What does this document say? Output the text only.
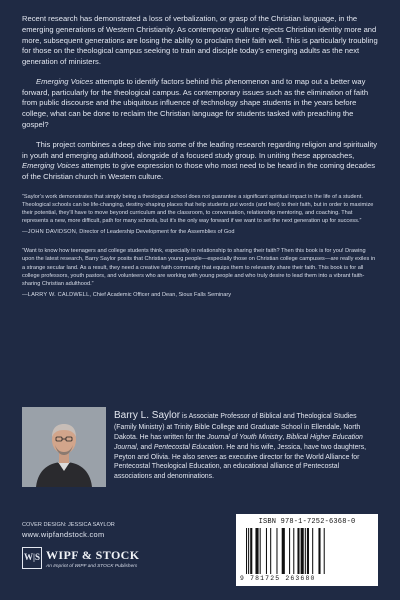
Recent research has demonstrated a loss of verbalization, or grasp of the Christian language, in the emerging generations of Western Christianity. As contemporary culture rejects Christian identity more and more, subsequent generations are losing the ability to proclaim their faith well. This is particularly troubling for those on the theological campus seeking to train and disciple today’s emerging adults as the next generation of ministers.

Emerging Voices attempts to identify factors behind this phenomenon and to map out a better way forward, particularly for the theological campus. As contemporary issues such as the elimination of faith from public discourse and the ubiquitous influence of technology shape students in the years before college, what can be done to reclaim the Christian language for students tasked with preaching the gospel?

This project combines a deep dive into some of the leading research regarding religion and spirituality in youth and emerging adulthood, alongside of a focused study group. In uniting these approaches, Emerging Voices attempts to give expression to those who most need to be heard in the coming decades of the Christian church in Western culture.

“Saylor’s work demonstrates that simply being a theological school does not guarantee a significant spiritual impact in the life of a student. Theological schools can be life-changing, destiny-shaping places that help students put words (and feet) to their faith, but in order to maximize their potential, they’ll have to move beyond curriculum and the classroom, to conversation, relationship mentoring, and coaching. That represents a new, more difficult, path for many schools, but it’s the only way forward if we want to set the next generation up for success.”

—JOHN DAVIDSON, Director of Leadership Development for the Assemblies of God

“Want to know how teenagers and college students think, especially in relationship to sharing their faith? Then this book is for you! Drawing upon the latest research, Barry Saylor posits that Christian young people—especially those on Christian college campuses—are really exiles in a strange secular land. As a result, they need a creative faith community that equips them to relevantly share their faith. This book is for all college professors, youth pastors, and volunteers who are working with young people and who truly desire to lead them into a vibrant faith-sharing Christian adulthood.”

—LARRY W. CALDWELL, Chief Academic Officer and Dean, Sioux Falls Seminary

Barry L. Saylor is Associate Professor of Biblical and Theological Studies (Family Ministry) at Trinity Bible College and Graduate School in Ellendale, North Dakota. He has written for the Journal of Youth Ministry, Biblical Higher Education Journal, and Pentecostal Education. He and his wife, Jessica, have two daughters, Peyton and Olivia. He also serves as executive director for the World Alliance for Pentecostal Theological Education, an educational alliance of Pentecostal associations and denominations.

COVER DESIGN: JESSICA SAYLOR
www.wipfandstock.com
W|S WIPF & STOCK
An Imprint of WIPF and STOCK Publishers
ISBN 978-1-7252-6368-0
9 781725 263680
